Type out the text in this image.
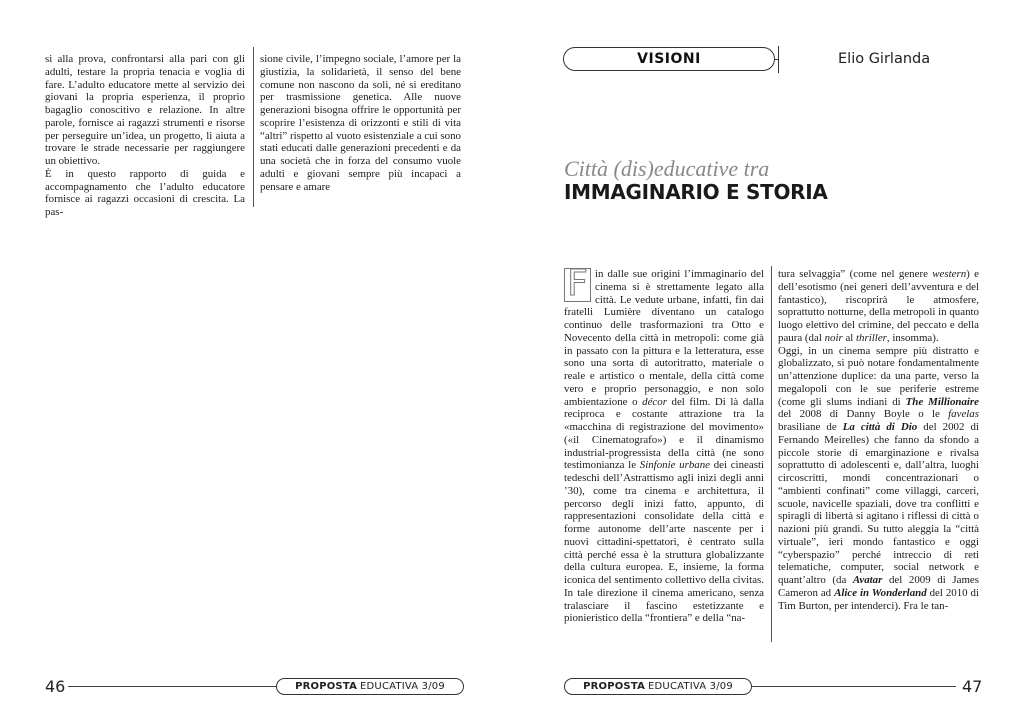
si alla prova, confrontarsi alla pari con gli adulti, testare la propria tenacia e voglia di fare. L’adulto educatore mette al servizio dei giovani la propria esperienza, il proprio bagaglio conoscitivo e relazione. In altre parole, fornisce ai ragazzi strumenti e risorse per perseguire un’idea, un progetto, li aiuta a trovare le strade necessarie per raggiungere un obiettivo.

È in questo rapporto di guida e accompagnamento che l’adulto educatore fornisce ai ragazzi occasioni di crescita. La pas-

sione civile, l’impegno sociale, l’amore per la giustizia, la solidarietà, il senso del bene comune non nascono da soli, né si ereditano per trasmissione genetica. Alle nuove generazioni bisogna offrire le opportunità per scoprire l’esistenza di orizzonti e stili di vita “altri” rispetto al vuoto esistenziale a cui sono stati educati dalle generazioni precedenti e da una società che in forza del consumo vuole adulti e giovani sempre più incapaci a pensare e amare

VISIONI	Elio Girlanda
Città (dis)educative tra
IMMAGINARIO E STORIA

F in dalle sue origini l’immaginario del cinema si è strettamente legato alla città. Le vedute urbane, infatti, fin dai fratelli Lumière diventano un catalogo continuo delle trasformazioni tra Otto e Novecento della città in metropoli: come già in passato con la pittura e la letteratura, esse sono una sorta di autoritratto, materiale o reale e artistico o mentale, della città come vero e proprio personaggio, e non solo ambientazione o décor del film. Di là dalla reciproca e costante attrazione tra la «macchina di registrazione del movimento» («il Cinematografo») e il dinamismo industrial-progressista della città (ne sono testimonianza le Sinfonie urbane dei cineasti tedeschi dell’Astrattismo agli inizi degli anni ’30), come tra cinema e architettura, il percorso degli inizi fatto, appunto, di rappresentazioni consolidate della città e forme autonome dell’arte nascente per i nuovi cittadini-spettatori, è centrato sulla città perché essa è la struttura globalizzante della cultura europea. E, insieme, la forma iconica del sentimento collettivo della civitas. In tale direzione il cinema americano, senza tralasciare il fascino estetizzante e pionieristico della “frontiera” e della “na-

tura selvaggia” (come nel genere western) e dell’esotismo (nei generi dell’avventura e del fantastico), riscoprirà le atmosfere, soprattutto notturne, della metropoli in quanto luogo elettivo del crimine, del peccato e della paura (dal noir al thriller, insomma).

Oggi, in un cinema sempre più distratto e globalizzato, si può notare fondamentalmente un’attenzione duplice: da una parte, verso la megalopoli con le sue periferie estreme (come gli slums indiani di The Millionaire del 2008 di Danny Boyle o le favelas brasiliane de La città di Dio del 2002 di Fernando Meirelles) che fanno da sfondo a piccole storie di emarginazione e rivalsa soprattutto di adolescenti e, dall’altra, luoghi circoscritti, mondi concentrazionari o “ambienti confinati” come villaggi, carceri, scuole, navicelle spaziali, dove tra conflitti e spiragli di libertà si agitano i riflessi di città o nazioni più grandi. Su tutto aleggia la “città virtuale”, ieri mondo fantastico e oggi “cyberspazio” perché intreccio di reti telematiche, computer, social network e quant’altro (da Avatar del 2009 di James Cameron ad Alice in Wonderland del 2010 di Tim Burton, per intenderci). Fra le tan-

46	PROPOSTA EDUCATIVA 3/09	PROPOSTA EDUCATIVA 3/09	47
